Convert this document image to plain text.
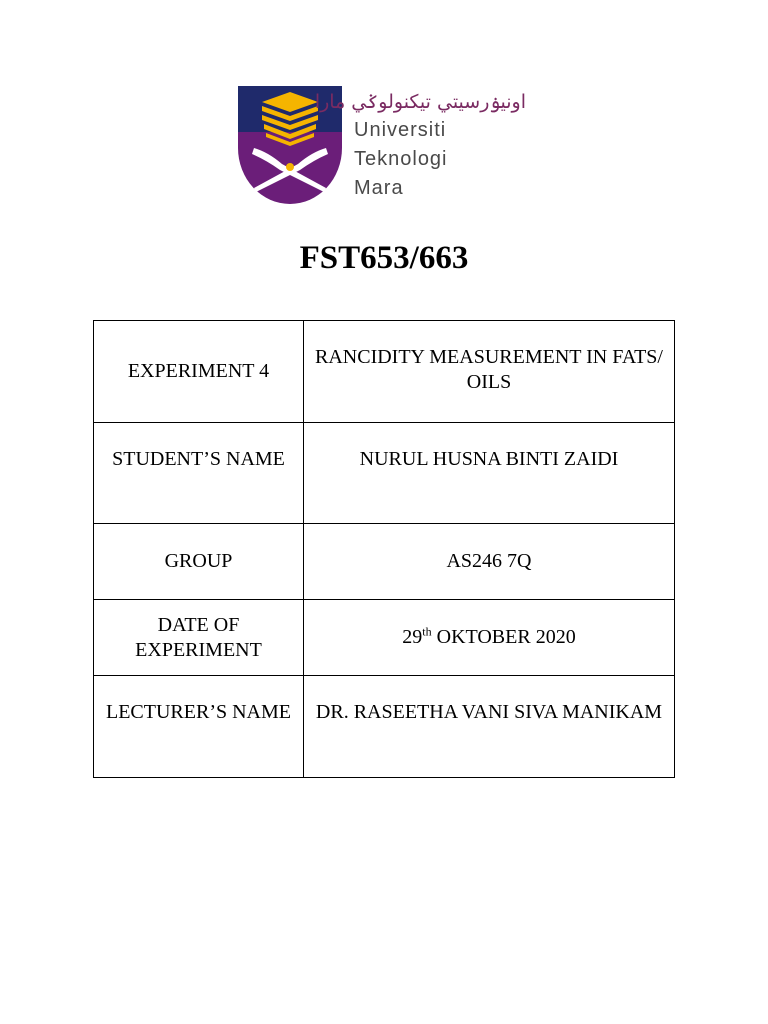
اونيۏرسيتي تيكنولوݢي مارا
Universiti
Teknologi
Mara
FST653/663
EXPERIMENT 4	RANCIDITY MEASUREMENT IN FATS/ OILS
STUDENT’S NAME	NURUL HUSNA BINTI ZAIDI
GROUP	AS246 7Q
DATE OF EXPERIMENT	29th OKTOBER 2020
LECTURER’S NAME	DR. RASEETHA VANI SIVA MANIKAM
